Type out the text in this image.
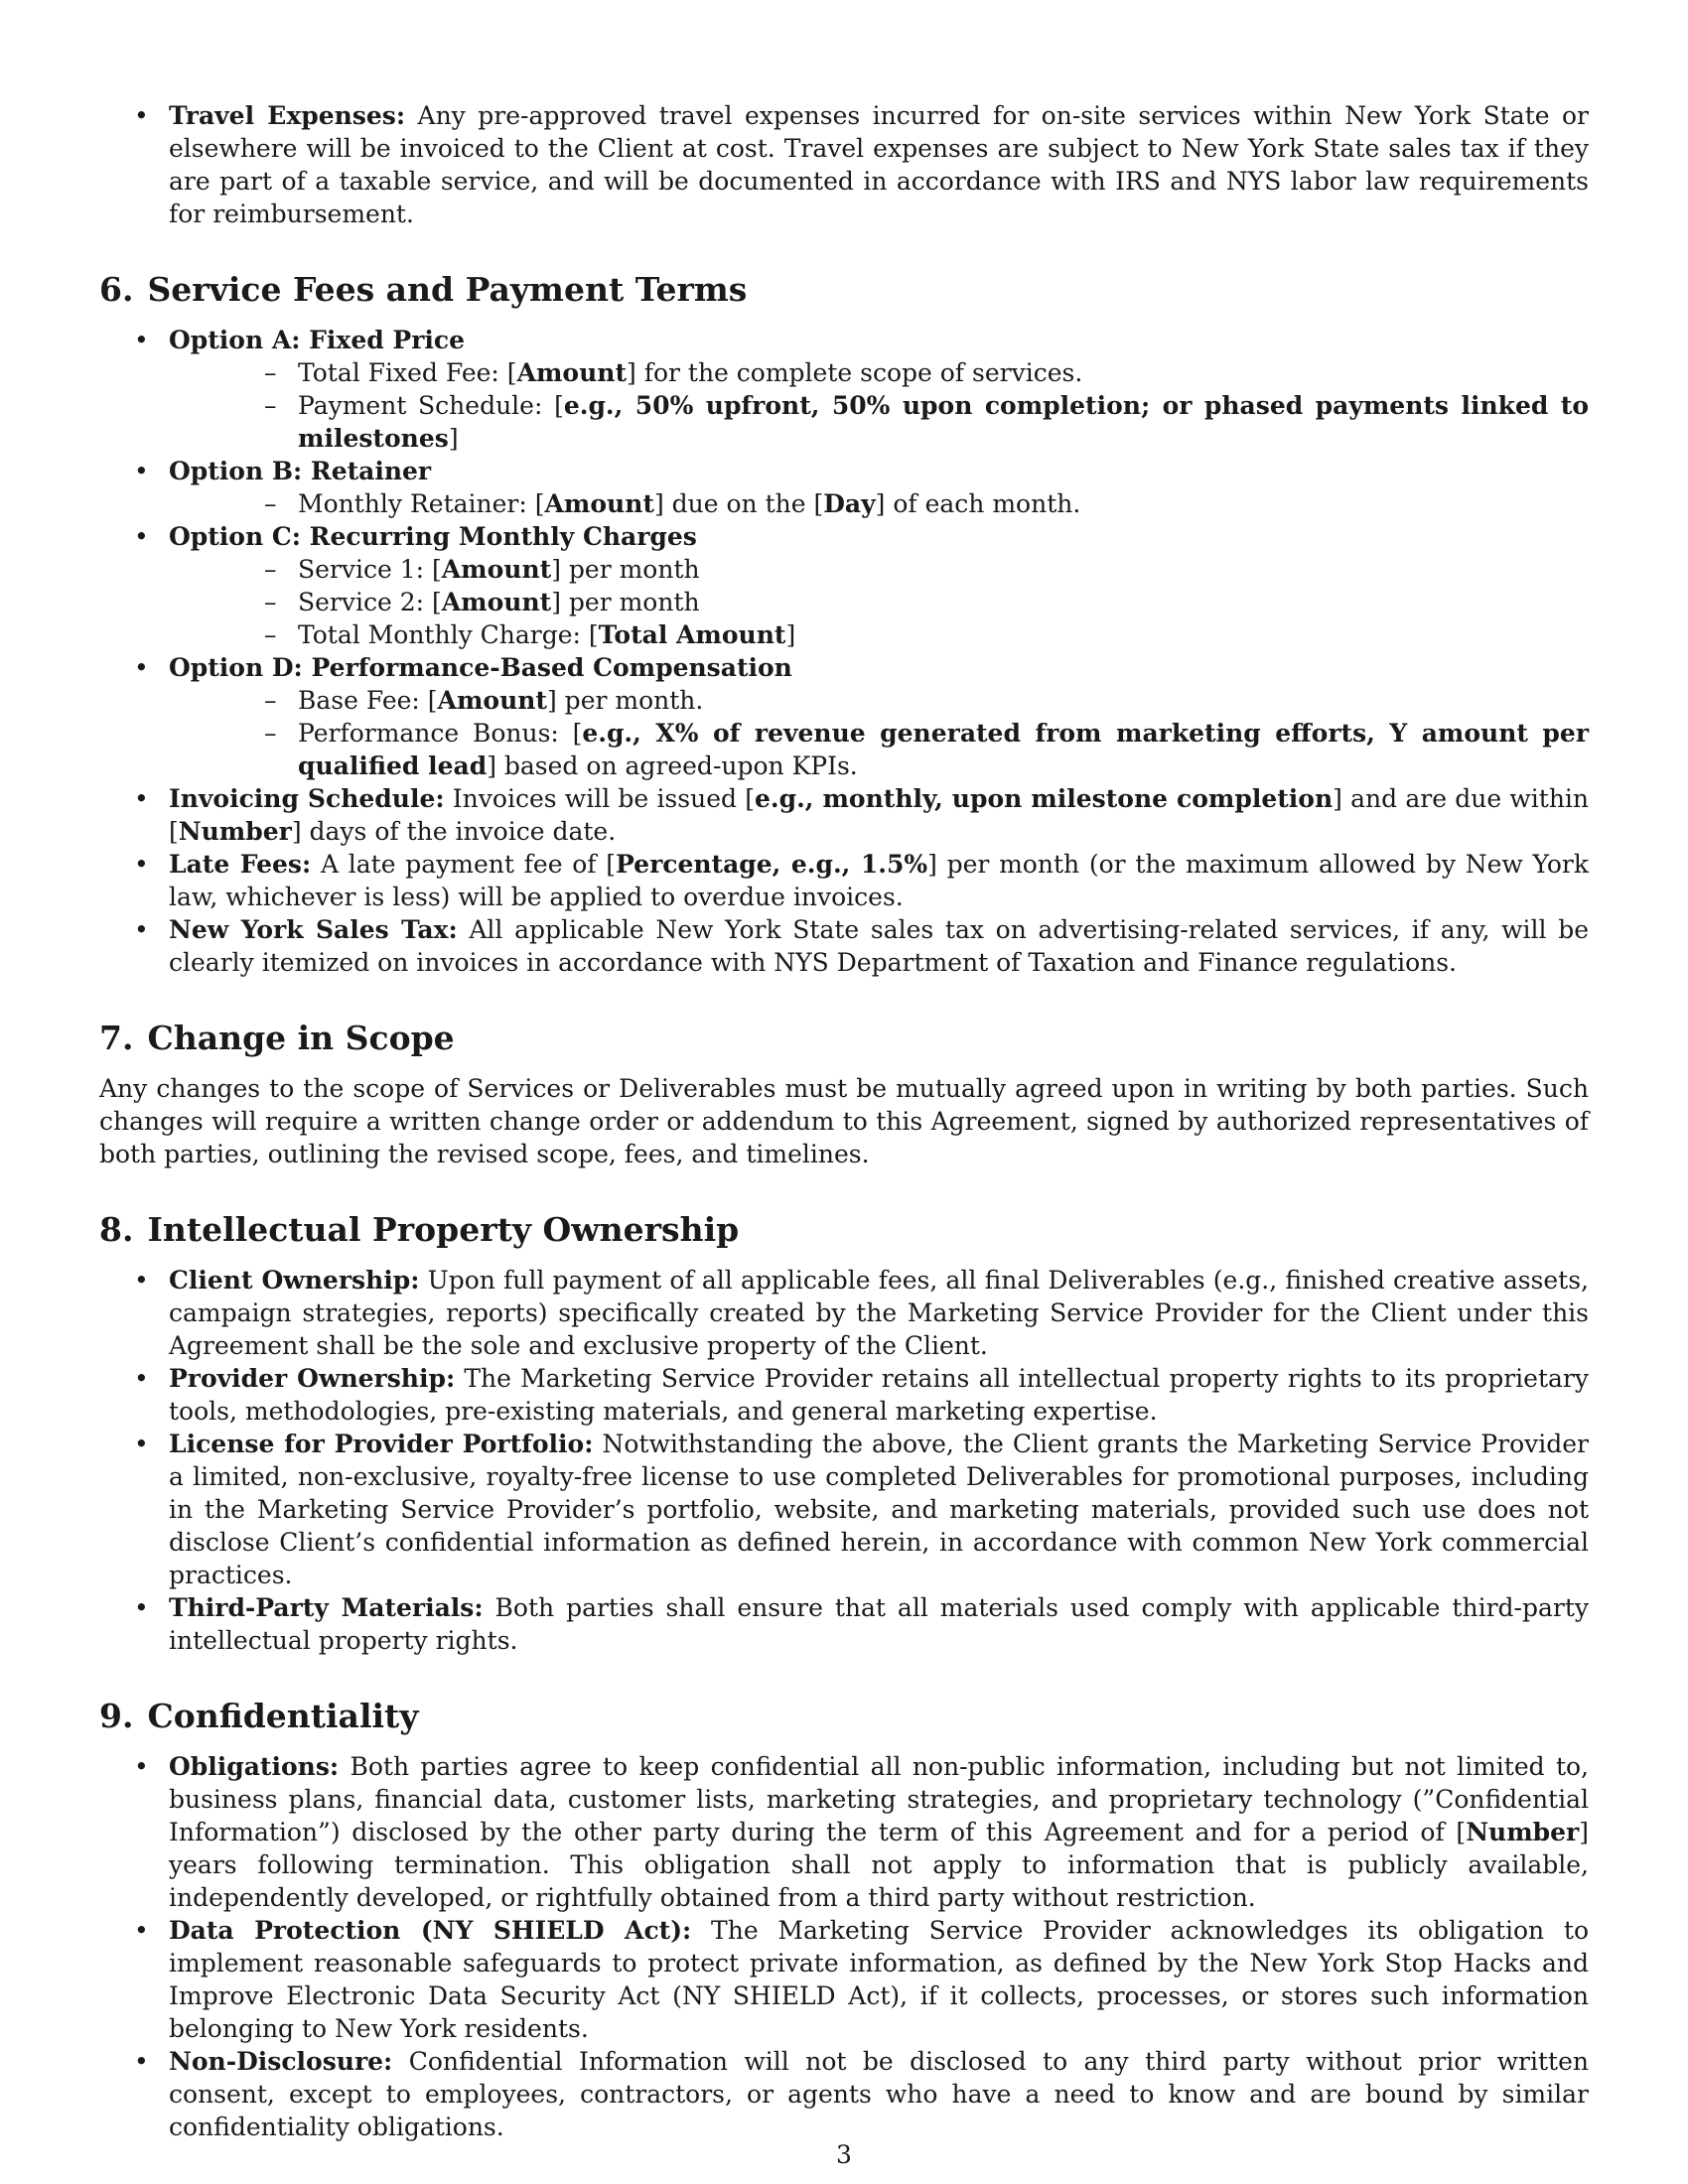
• Travel Expenses: Any pre-approved travel expenses incurred for on-site services within New York State or elsewhere will be invoiced to the Client at cost. Travel expenses are subject to New York State sales tax if they are part of a taxable service, and will be documented in accordance with IRS and NYS labor law requirements for reimbursement.
6. Service Fees and Payment Terms
• Option A: Fixed Price
– Total Fixed Fee: [Amount] for the complete scope of services.
– Payment Schedule: [e.g., 50% upfront, 50% upon completion; or phased payments linked to milestones]
• Option B: Retainer
– Monthly Retainer: [Amount] due on the [Day] of each month.
• Option C: Recurring Monthly Charges
– Service 1: [Amount] per month
– Service 2: [Amount] per month
– Total Monthly Charge: [Total Amount]
• Option D: Performance-Based Compensation
– Base Fee: [Amount] per month.
– Performance Bonus: [e.g., X% of revenue generated from marketing efforts, Y amount per qualified lead] based on agreed-upon KPIs.
• Invoicing Schedule: Invoices will be issued [e.g., monthly, upon milestone completion] and are due within [Number] days of the invoice date.
• Late Fees: A late payment fee of [Percentage, e.g., 1.5%] per month (or the maximum allowed by New York law, whichever is less) will be applied to overdue invoices.
• New York Sales Tax: All applicable New York State sales tax on advertising-related services, if any, will be clearly itemized on invoices in accordance with NYS Department of Taxation and Finance regulations.
7. Change in Scope

Any changes to the scope of Services or Deliverables must be mutually agreed upon in writing by both parties. Such changes will require a written change order or addendum to this Agreement, signed by authorized representatives of both parties, outlining the revised scope, fees, and timelines.

8. Intellectual Property Ownership
• Client Ownership: Upon full payment of all applicable fees, all final Deliverables (e.g., finished creative assets, campaign strategies, reports) specifically created by the Marketing Service Provider for the Client under this Agreement shall be the sole and exclusive property of the Client.
• Provider Ownership: The Marketing Service Provider retains all intellectual property rights to its proprietary tools, methodologies, pre-existing materials, and general marketing expertise.
• License for Provider Portfolio: Notwithstanding the above, the Client grants the Marketing Service Provider a limited, non-exclusive, royalty-free license to use completed Deliverables for promotional purposes, including in the Marketing Service Provider’s portfolio, website, and marketing materials, provided such use does not disclose Client’s confidential information as defined herein, in accordance with common New York commercial practices.
• Third-Party Materials: Both parties shall ensure that all materials used comply with applicable third-party intellectual property rights.
9. Confidentiality
• Obligations: Both parties agree to keep confidential all non-public information, including but not limited to, business plans, financial data, customer lists, marketing strategies, and proprietary technology (”Confidential Information”) disclosed by the other party during the term of this Agreement and for a period of [Number] years following termination. This obligation shall not apply to information that is publicly available, independently developed, or rightfully obtained from a third party without restriction.
• Data Protection (NY SHIELD Act): The Marketing Service Provider acknowledges its obligation to implement reasonable safeguards to protect private information, as defined by the New York Stop Hacks and Improve Electronic Data Security Act (NY SHIELD Act), if it collects, processes, or stores such information belonging to New York residents.
• Non-Disclosure: Confidential Information will not be disclosed to any third party without prior written consent, except to employees, contractors, or agents who have a need to know and are bound by similar confidentiality obligations.
3
